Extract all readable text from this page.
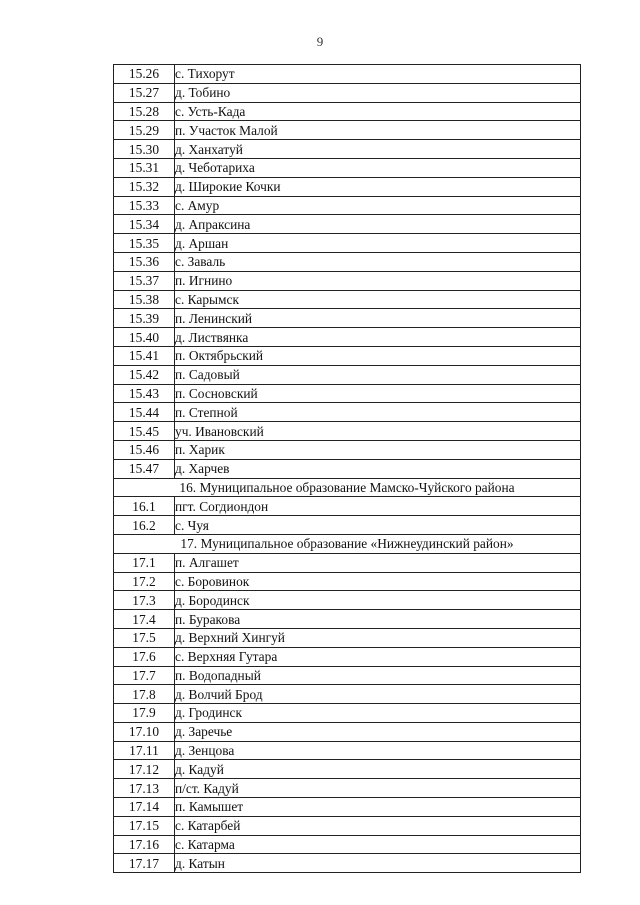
9
15.26	с. Тихорут
15.27	д. Тобино
15.28	с. Усть-Када
15.29	п. Участок Малой
15.30	д. Ханхатуй
15.31	д. Чеботариха
15.32	д. Широкие Кочки
15.33	с. Амур
15.34	д. Апраксина
15.35	д. Аршан
15.36	с. Заваль
15.37	п. Игнино
15.38	с. Карымск
15.39	п. Ленинский
15.40	д. Листвянка
15.41	п. Октябрьский
15.42	п. Садовый
15.43	п. Сосновский
15.44	п. Степной
15.45	уч. Ивановский
15.46	п. Харик
15.47	д. Харчев
16. Муниципальное образование Мамско-Чуйского района	
16.1	пгт. Согдиондон
16.2	с. Чуя
17. Муниципальное образование «Нижнеудинский район»	
17.1	п. Алгашет
17.2	с. Боровинок
17.3	д. Бородинск
17.4	п. Буракова
17.5	д. Верхний Хингуй
17.6	с. Верхняя Гутара
17.7	п. Водопадный
17.8	д. Волчий Брод
17.9	д. Гродинск
17.10	д. Заречье
17.11	д. Зенцова
17.12	д. Кадуй
17.13	п/ст. Кадуй
17.14	п. Камышет
17.15	с. Катарбей
17.16	с. Катарма
17.17	д. Катын
